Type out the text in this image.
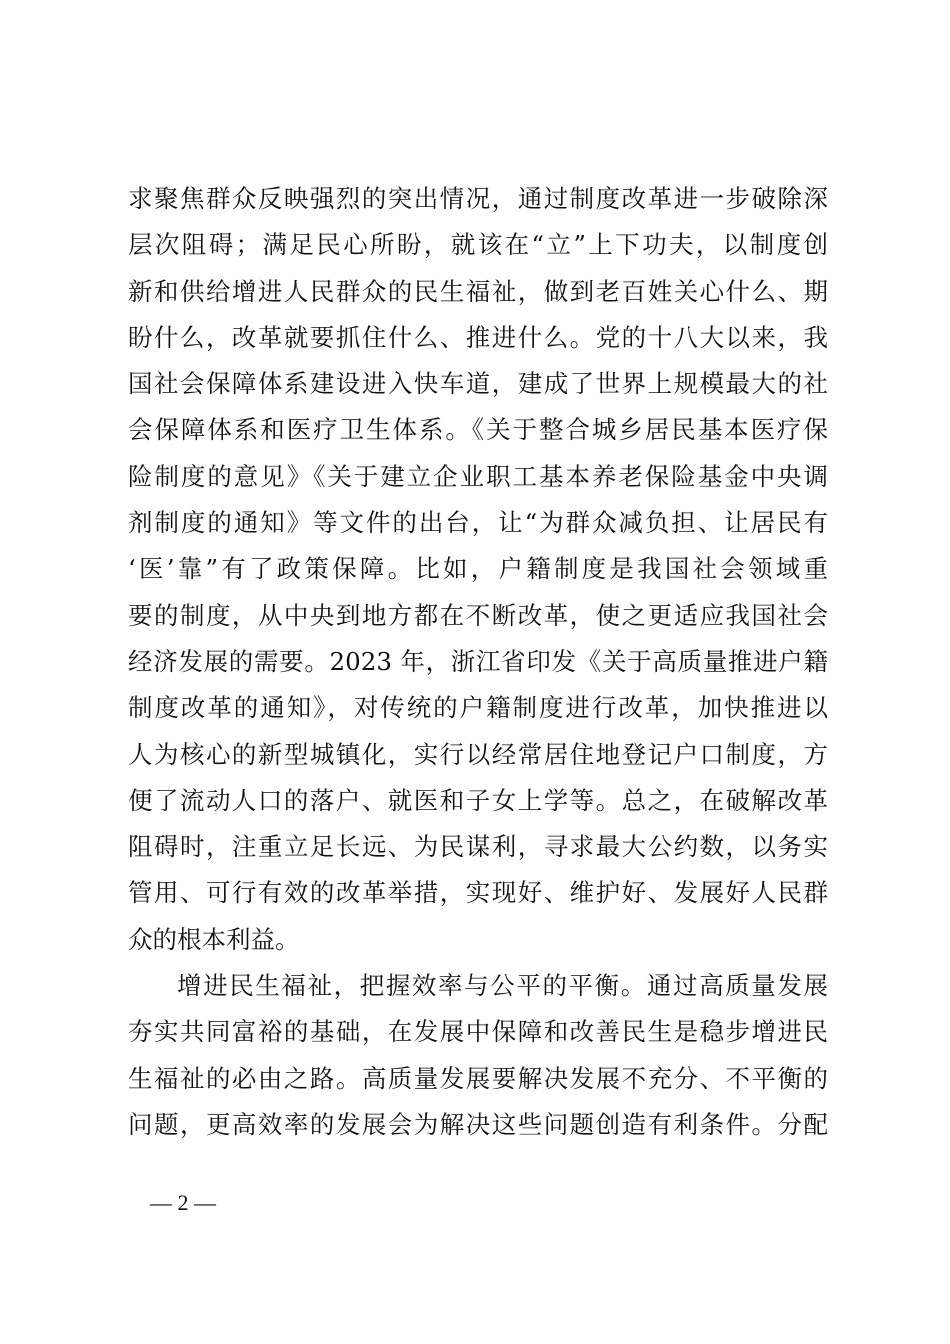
求聚焦群众反映强烈的突出情况，通过制度改革进一步破除深
层次阻碍；满足民心所盼，就该在“立”上下功夫，以制度创
新和供给增进人民群众的民生福祉，做到老百姓关心什么、期
盼什么，改革就要抓住什么、推进什么。党的十八大以来，我
国社会保障体系建设进入快车道，建成了世界上规模最大的社
会保障体系和医疗卫生体系。《关于整合城乡居民基本医疗保
险制度的意见》《关于建立企业职工基本养老保险基金中央调
剂制度的通知》等文件的出台，让“为群众减负担、让居民有
‘医’靠”有了政策保障。比如，户籍制度是我国社会领域重
要的制度，从中央到地方都在不断改革，使之更适应我国社会
经济发展的需要。2023 年，浙江省印发《关于高质量推进户籍
制度改革的通知》，对传统的户籍制度进行改革，加快推进以
人为核心的新型城镇化，实行以经常居住地登记户口制度，方
便了流动人口的落户、就医和子女上学等。总之，在破解改革
阻碍时，注重立足长远、为民谋利，寻求最大公约数，以务实
管用、可行有效的改革举措，实现好、维护好、发展好人民群
众的根本利益。
增进民生福祉，把握效率与公平的平衡。通过高质量发展
夯实共同富裕的基础，在发展中保障和改善民生是稳步增进民
生福祉的必由之路。高质量发展要解决发展不充分、不平衡的
问题，更高效率的发展会为解决这些问题创造有利条件。分配
— 2 —
